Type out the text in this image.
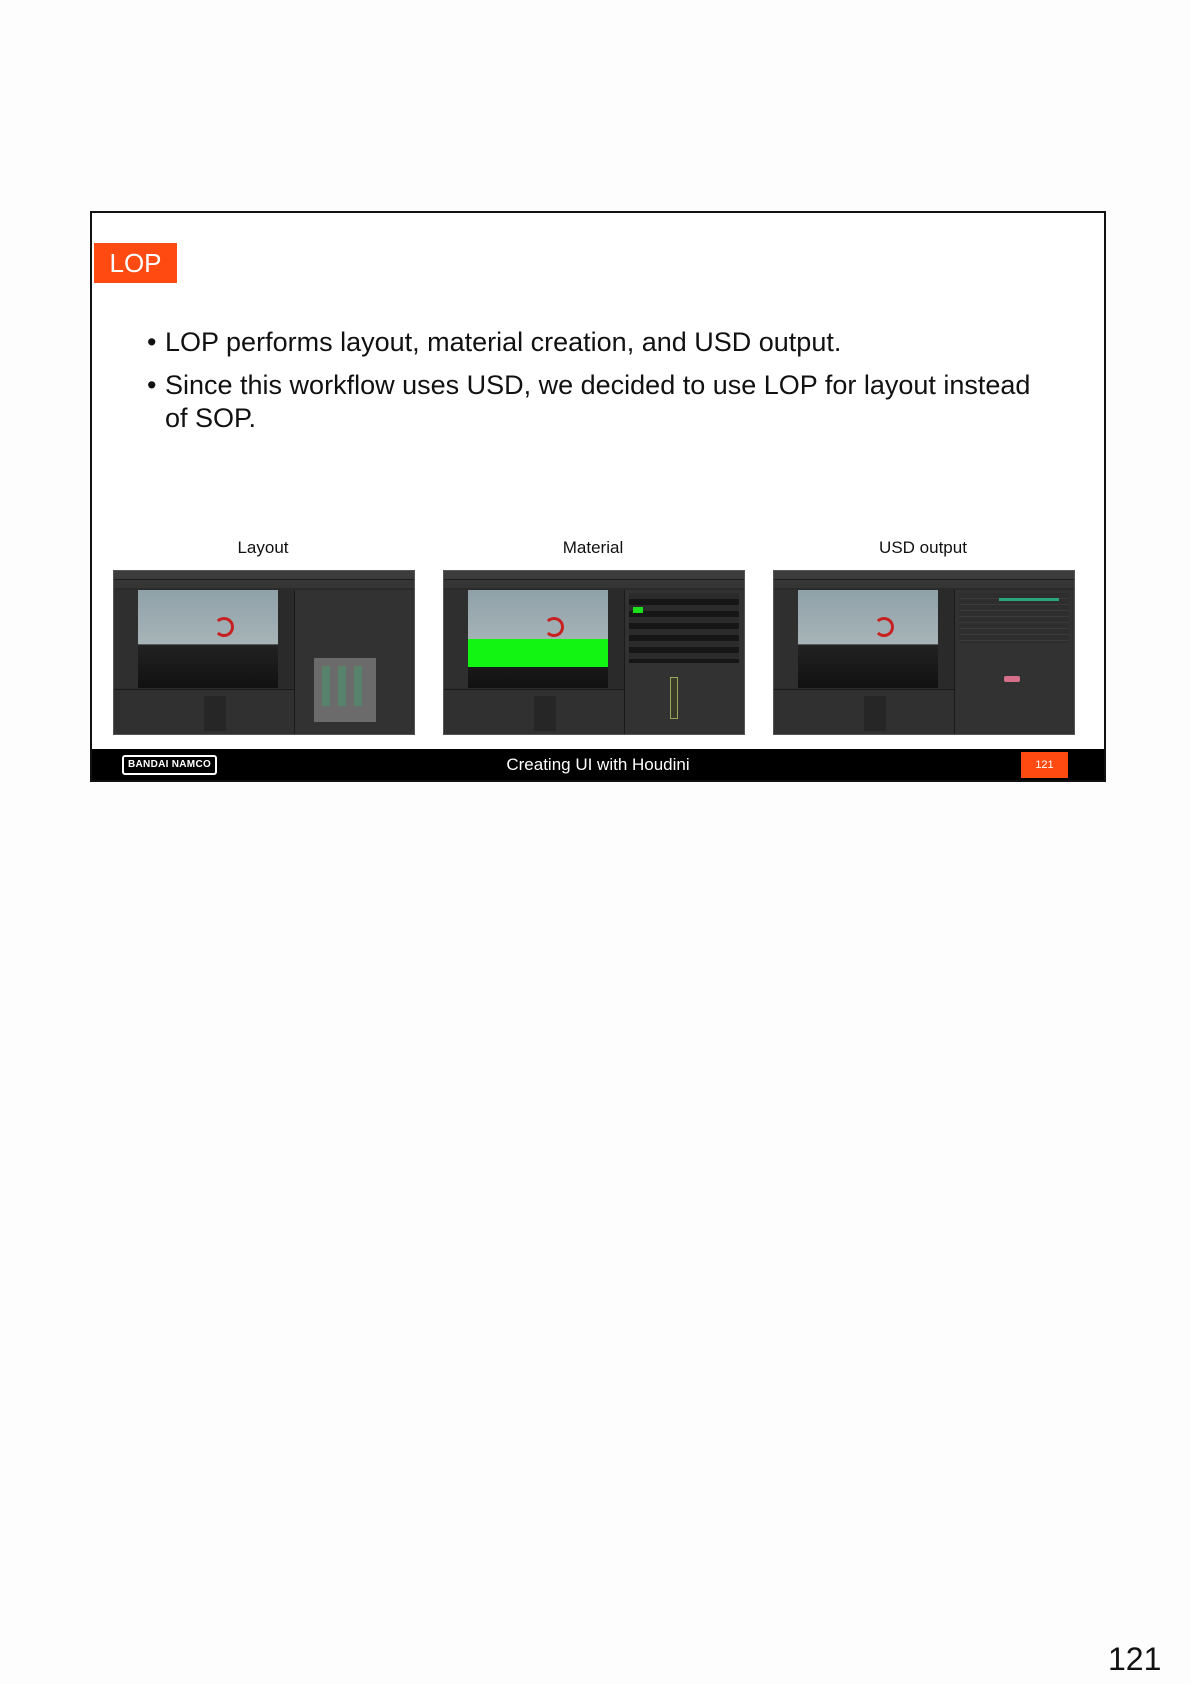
LOP
• LOP performs layout, material creation, and USD output.
• Since this workflow uses USD, we decided to use LOP for layout instead of SOP.
Layout	Material	USD output
BANDAI NAMCO	Creating UI with Houdini	121
121
